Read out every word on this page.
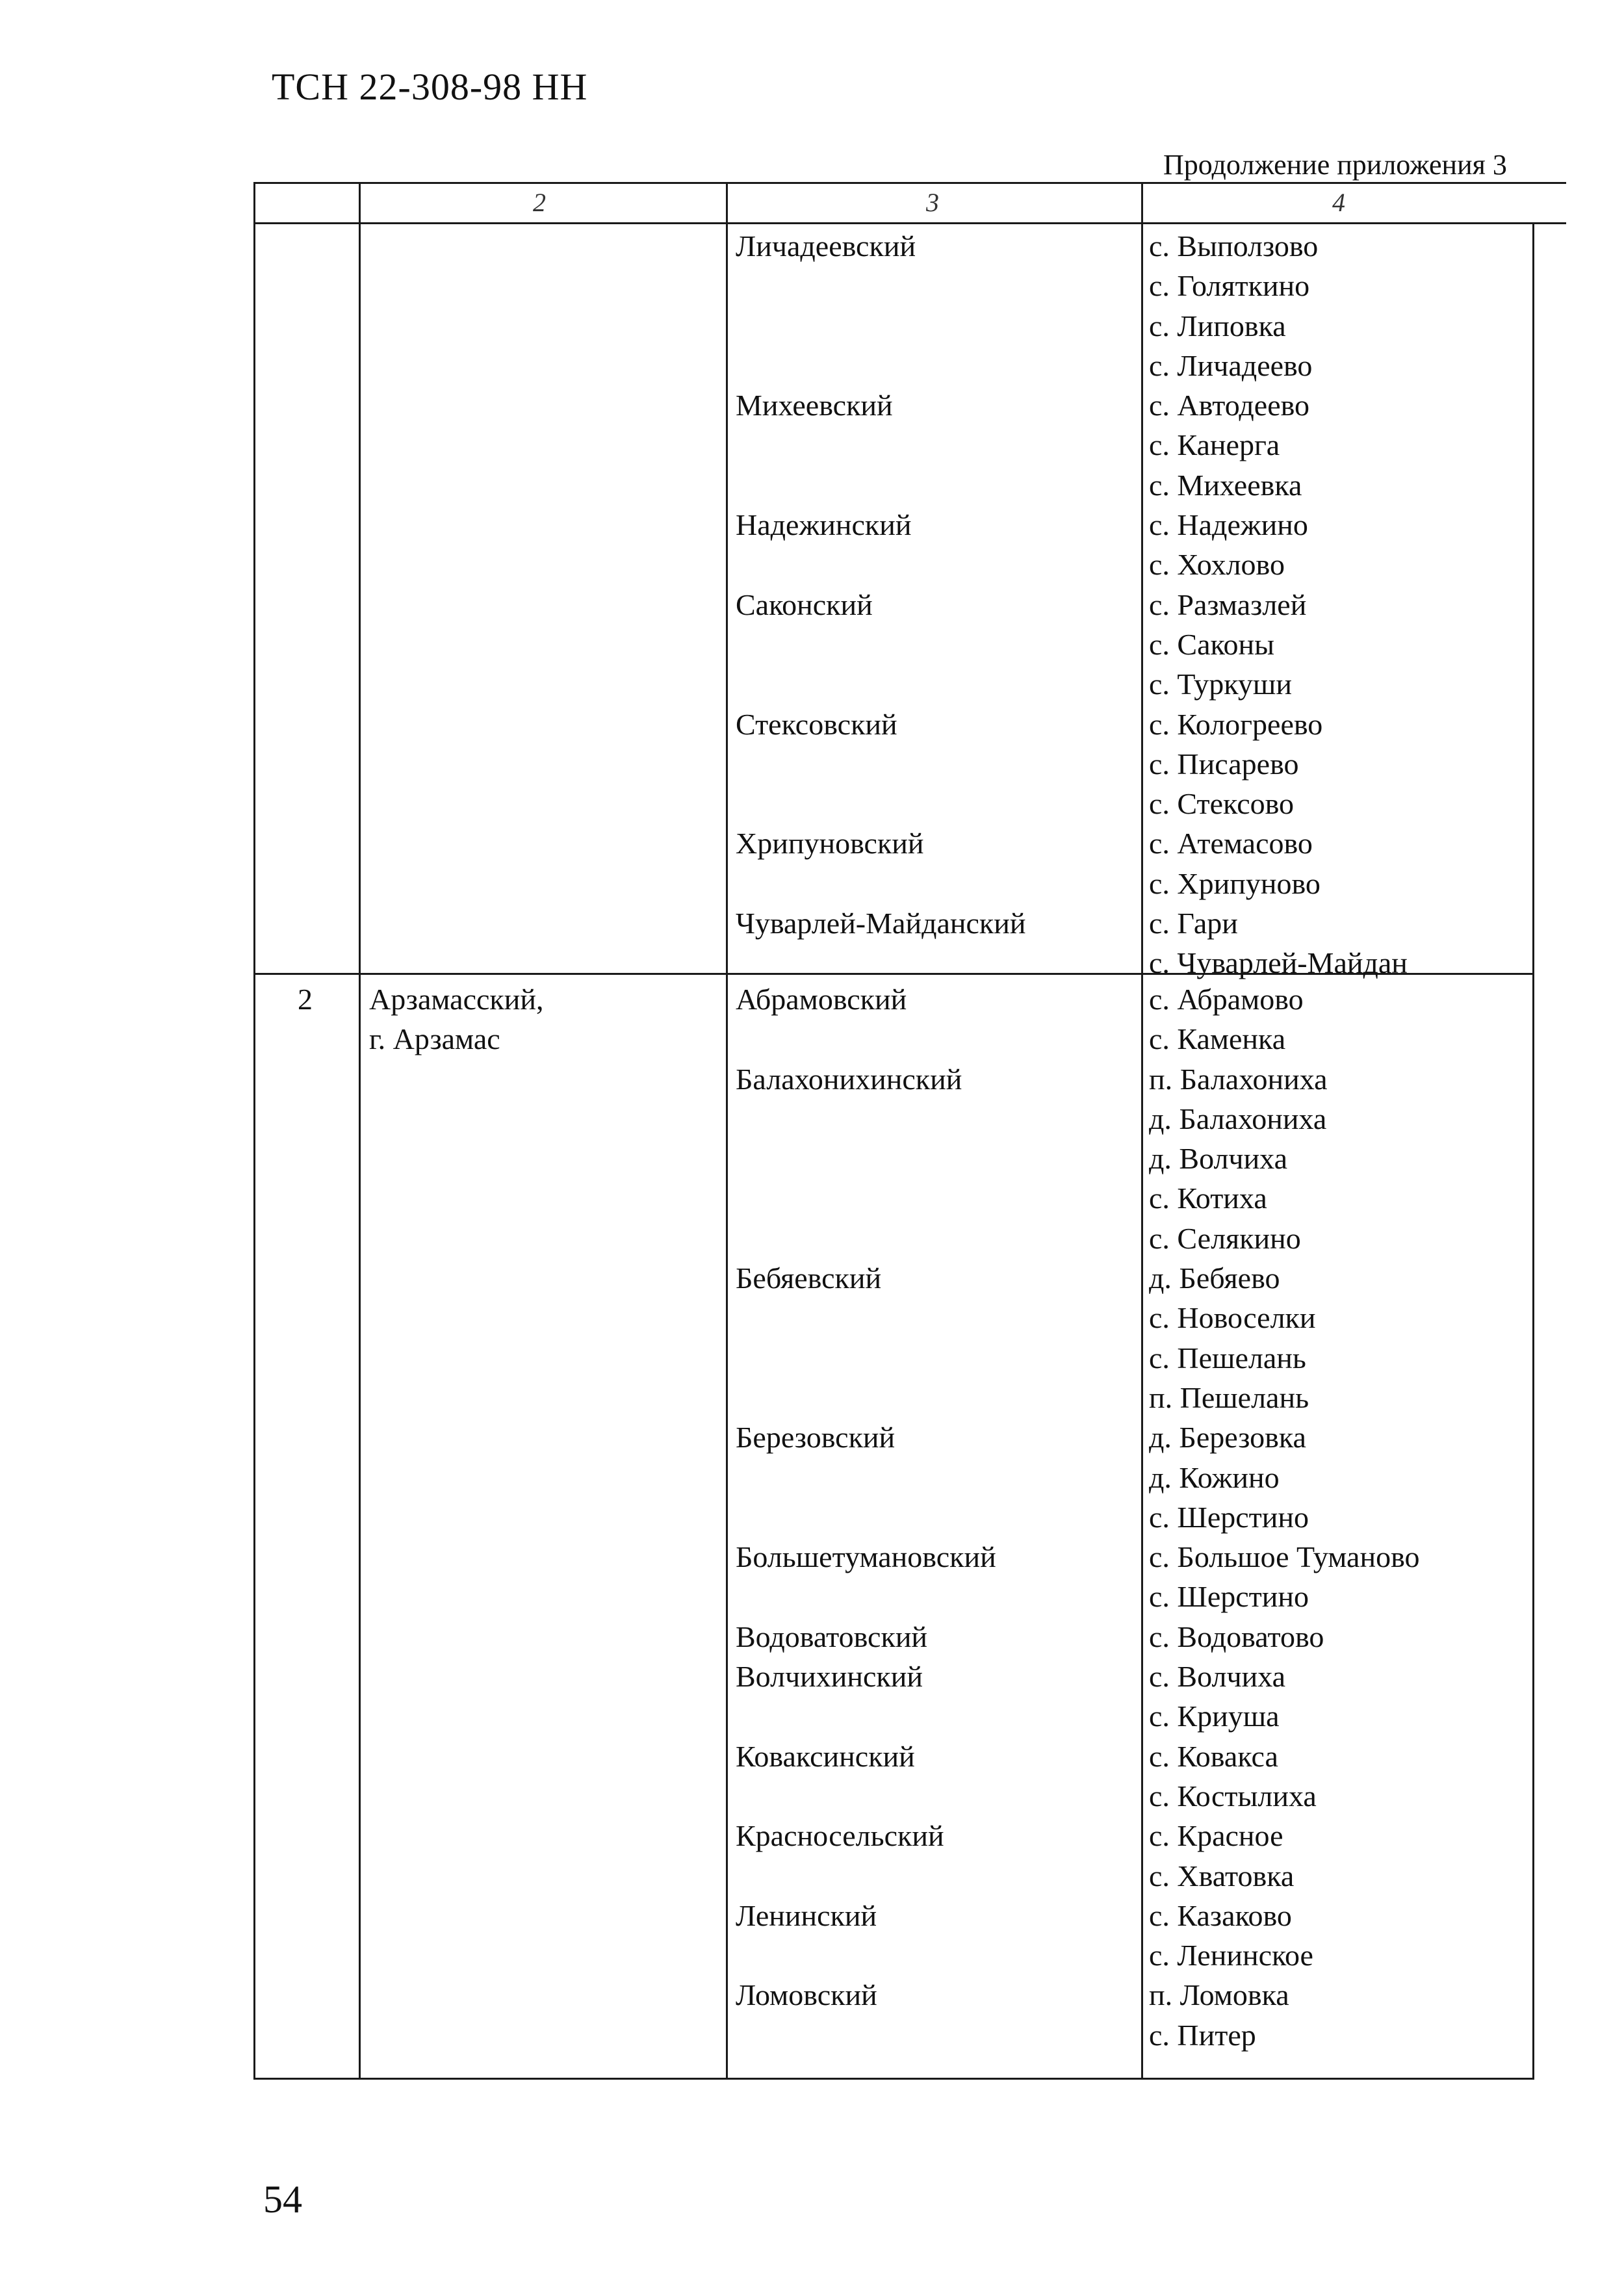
ТСН 22-308-98 НН
Продолжение приложения 3
2	3	4
Личадеевский
Михеевский
Надежинский
Саконский
Стексовский
Хрипуновский
Чуварлей-Майданский
с. Выползово
с. Голяткино
с. Липовка
с. Личадеево
с. Автодеево
с. Канерга
с. Михеевка
с. Надежино
с. Хохлово
с. Размазлей
с. Саконы
с. Туркуши
с. Кологреево
с. Писарево
с. Стексово
с. Атемасово
с. Хрипуново
с. Гари
с. Чуварлей-Майдан
2 Арзамасский,
г. Арзамас
Абрамовский
Балахонихинский
Бебяевский
Березовский
Большетумановский
Водоватовский
Волчихинский
Коваксинский
Красносельский
Ленинский
Ломовский
с. Абрамово
с. Каменка
п. Балахониха
д. Балахониха
д. Волчиха
с. Котиха
с. Селякино
д. Бебяево
с. Новоселки
с. Пешелань
п. Пешелань
д. Березовка
д. Кожино
с. Шерстино
с. Большое Туманово
с. Шерстино
с. Водоватово
с. Волчиха
с. Криуша
с. Ковакса
с. Костылиха
с. Красное
с. Хватовка
с. Казаково
с. Ленинское
п. Ломовка
с. Питер
54
